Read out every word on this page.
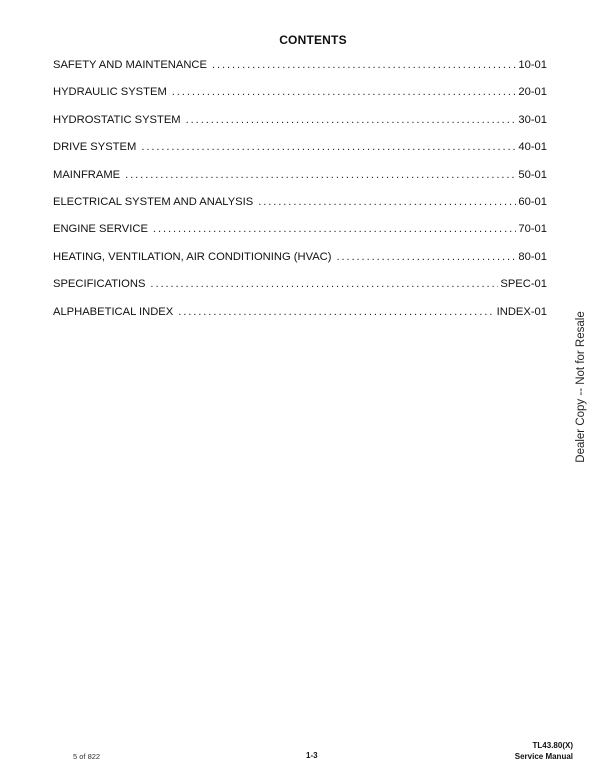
CONTENTS
SAFETY AND MAINTENANCE . . .	10-01
HYDRAULIC SYSTEM . . .	20-01
HYDROSTATIC SYSTEM . . .	30-01
DRIVE SYSTEM . . .	40-01
MAINFRAME . . .	50-01
ELECTRICAL SYSTEM AND ANALYSIS . . .	60-01
ENGINE SERVICE . . .	70-01
HEATING, VENTILATION, AIR CONDITIONING (HVAC) . . .	80-01
SPECIFICATIONS . . .	SPEC-01
ALPHABETICAL INDEX . . .	INDEX-01 Dealer Copy -- Not for Resale
5 of 822	1-3
TL43.80(X)
Service Manual
